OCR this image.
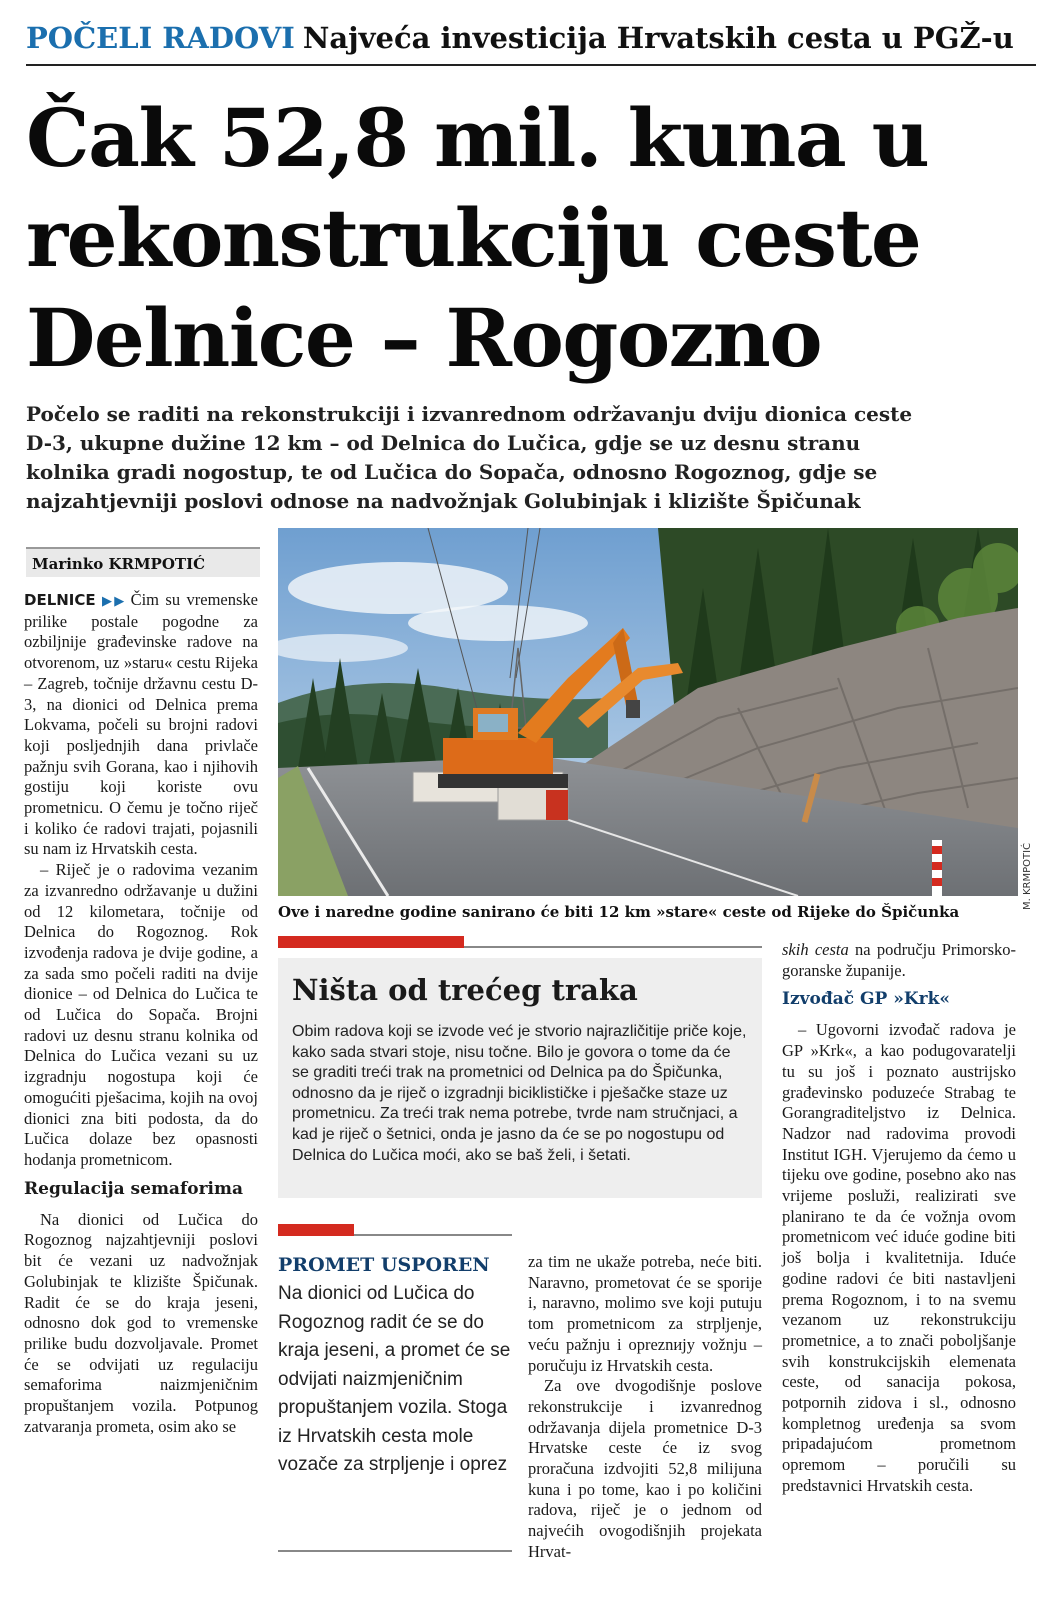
POČELI RADOVI Najveća investicija Hrvatskih cesta u PGŽ-u
Čak 52,8 mil. kuna u
rekonstrukciju ceste
Delnice – Rogozno
Počelo se raditi na rekonstrukciji i izvanrednom održavanju dviju dionica ceste
D-3, ukupne dužine 12 km – od Delnica do Lučica, gdje se uz desnu stranu
kolnika gradi nogostup, te od Lučica do Sopača, odnosno Rogoznog, gdje se
najzahtjevniji poslovi odnose na nadvožnjak Golubinjak i klizište Špičunak
Marinko KRMPOTIĆ

DELNICE ▶▶ Čim su vremenske prilike postale pogodne za ozbiljnije građevinske radove na otvorenom, uz »staru« cestu Rijeka – Zagreb, točnije državnu cestu D-3, na dionici od Delnica prema Lokvama, počeli su brojni radovi koji posljednjih dana privlače pažnju svih Gorana, kao i njihovih gostiju koji koriste ovu prometnicu. O čemu je točno riječ i koliko će radovi trajati, pojasnili su nam iz Hrvatskih cesta.

– Riječ je o radovima vezanim za izvanredno održavanje u dužini od 12 kilometara, točnije od Delnica do Rogoznog. Rok izvođenja radova je dvije godine, a za sada smo počeli raditi na dvije dionice – od Delnica do Lučica te od Lučica do Sopača. Brojni radovi uz desnu stranu kolnika od Delnica do Lučica vezani su uz izgradnju nogostupa koji će omogućiti pješacima, kojih na ovoj dionici zna biti podosta, da do Lučica dolaze bez opasnosti hodanja prometnicom.

Regulacija semaforima

Na dionici od Lučica do Rogoznog najzahtjevniji poslovi bit će vezani uz nadvožnjak Golubinjak te klizište Špičunak. Radit će se do kraja jeseni, odnosno dok god to vremenske prilike budu dozvoljavale. Promet će se odvijati uz regulaciju semaforima naizmjeničnim propuštanjem vozila. Potpunog zatvaranja prometa, osim ako se

M. KRMPOTIĆ
Ove i naredne godine sanirano će biti 12 km »stare« ceste od Rijeke do Špičunka
Ništa od trećeg traka
Obim radova koji se izvode već je stvorio najrazličitije priče koje, kako sada stvari stoje, nisu točne. Bilo je govora o tome da će se graditi treći trak na prometnici od Delnica pa do Špičunka, odnosno da je riječ o izgradnji biciklističke i pješačke staze uz prometnicu. Za treći trak nema potrebe, tvrde nam stručnjaci, a kad je riječ o šetnici, onda je jasno da će se po nogostupu od Delnica do Lučica moći, ako se baš želi, i šetati.
PROMET USPOREN
Na dionici od Lučica do Rogoznog radit će se do kraja jeseni, a promet će se odvijati naizmjeničnim propuštanjem vozila. Stoga iz Hrvatskih cesta mole vozače za strpljenje i oprez

za tim ne ukaže potreba, neće biti. Naravno, prometovat će se sporije i, naravno, molimo sve koji putuju tom prometnicom za strpljenje, veću pažnju i opreznију vožnju – poručuju iz Hrvatskih cesta.

Za ove dvogodišnje poslove rekonstrukcije i izvanrednog održavanja dijela prometnice D-3 Hrvatske ceste će iz svog proračuna izdvojiti 52,8 milijuna kuna i po tome, kao i po količini radova, riječ je o jednom od najvećih ovogodišnjih projekata Hrvat-

skih cesta na području Primorsko-goranske županije.

Izvođač GP »Krk«

– Ugovorni izvođač radova je GP »Krk«, a kao podugovaratelji tu su još i poznato austrijsko građevinsko poduzeće Strabag te Gorangraditeljstvo iz Delnica. Nadzor nad radovima provodi Institut IGH. Vjerujemo da ćemo u tijeku ove godine, posebno ako nas vrijeme posluži, realizirati sve planirano te da će vožnja ovom prometnicom već iduće godine biti još bolja i kvalitetnija. Iduće godine radovi će biti nastavljeni prema Rogoznom, i to na svemu vezanom uz rekonstrukciju prometnice, a to znači poboljšanje svih konstrukcijskih elemenata ceste, od sanacija pokosa, potpornih zidova i sl., odnosno kompletnog uređenja sa svom pripadajućom prometnom opremom – poručili su predstavnici Hrvatskih cesta.
